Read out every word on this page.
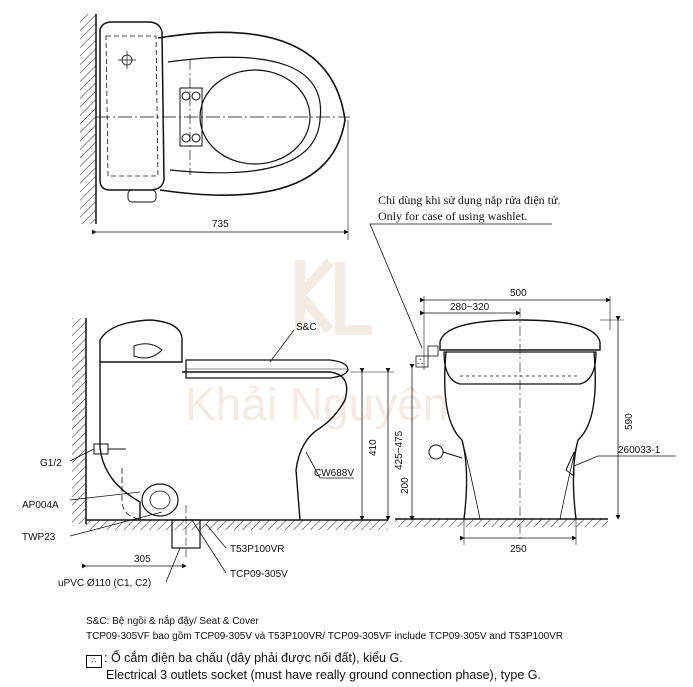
Khải Nguyên
735
Chỉ dùng khi sử dụng nắp rửa điện tử.
Only for case of using washlet.
∴
S&C
CW688V
G1/2
AP004A
TWP23
T53P100VR
TCP09-305V
uPVC Ø110 (C1, C2)
305
410 425~475
200
500
280~320
590
250
260033-1
S&C: Bệ ngồi & nắp đậy/ Seat & Cover
TCP09-305VF bao gồm TCP09-305V và T53P100VR/ TCP09-305VF include TCP09-305V and T53P100VR
∴ : Ổ cắm điện ba chấu (dây phải được nối đất), kiểu G.
Electrical 3 outlets socket (must have really ground connection phase), type G.
